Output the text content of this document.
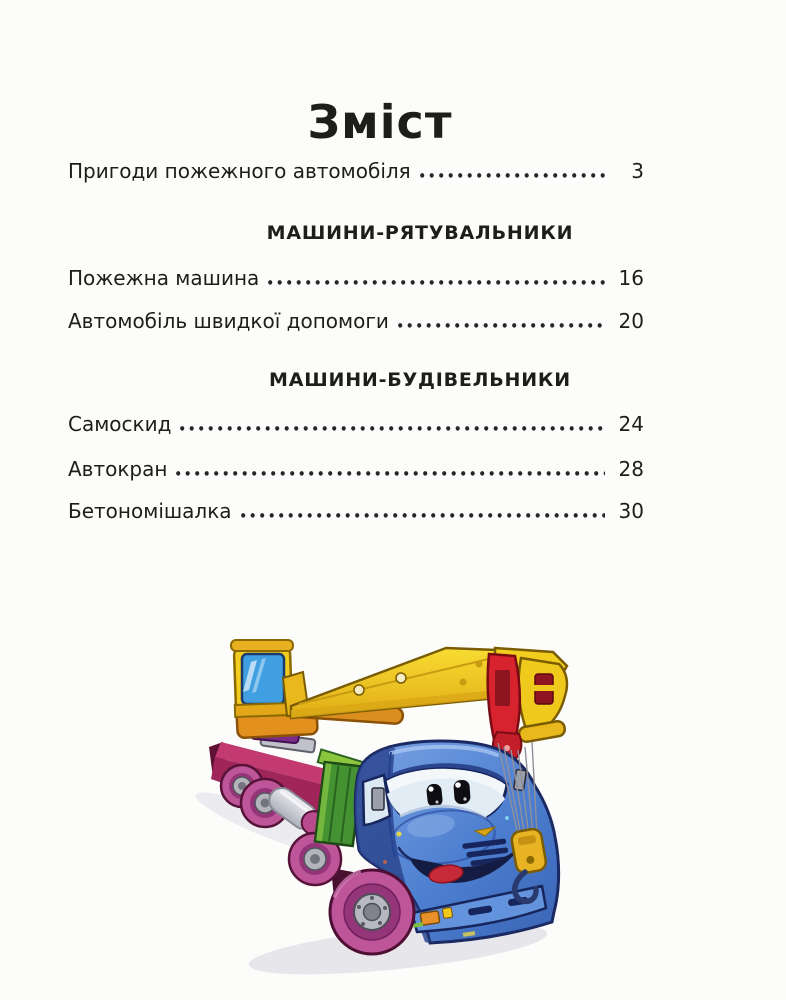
Зміст
Пригоди пожежного автомобіля	3
МАШИНИ-РЯТУВАЛЬНИКИ
Пожежна машина	16
Автомобіль швидкої допомоги	20
МАШИНИ-БУДІВЕЛЬНИКИ
Самоскид	24
Автокран	28
Бетономішалка	30
